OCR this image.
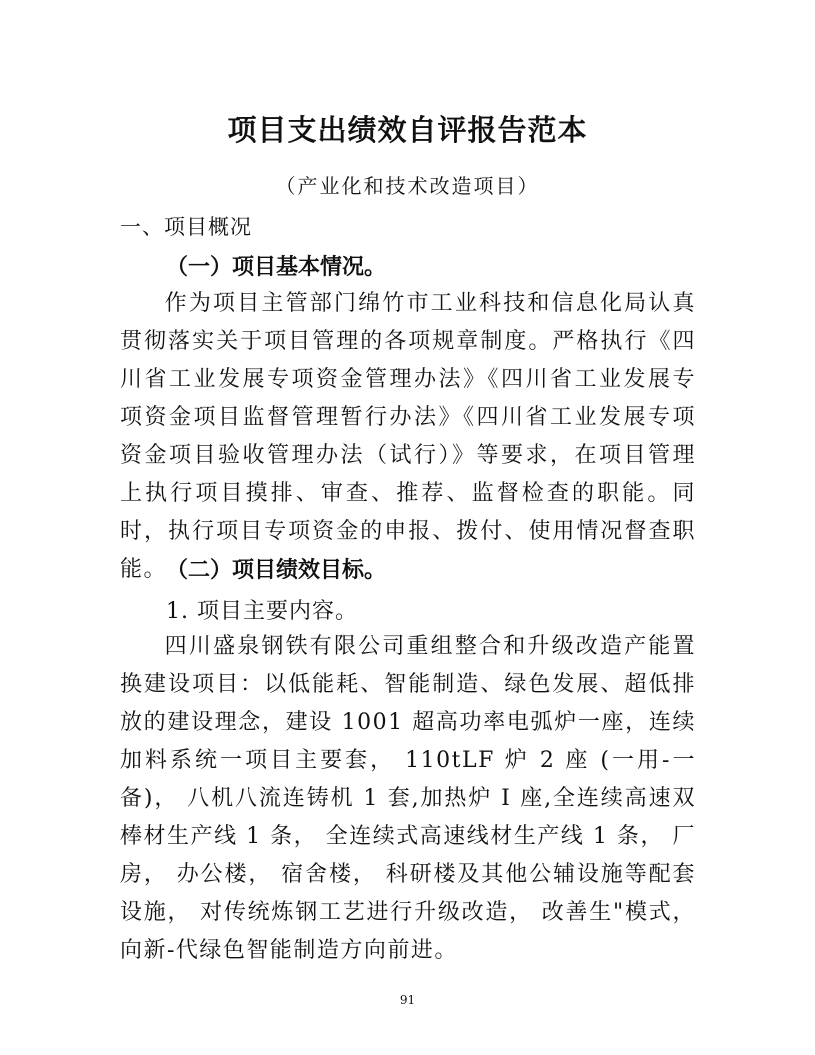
项目支出绩效自评报告范本
（产业化和技术改造项目）
一、项目概况
（一）项目基本情况。
作为项目主管部门绵竹市工业科技和信息化局认真贯彻落实关于项目管理的各项规章制度。严格执行《四川省工业发展专项资金管理办法》《四川省工业发展专项资金项目监督管理暂行办法》《四川省工业发展专项资金项目验收管理办法（试行）》等要求，在项目管理上执行项目摸排、审查、推荐、监督检查的职能。同时，执行项目专项资金的申报、拨付、使用情况督查职能。
（二）项目绩效目标。
1. 项目主要内容。
四川盛泉钢铁有限公司重组整合和升级改造产能置换建设项目：以低能耗、智能制造、绿色发展、超低排放的建设理念，建设 1001 超高功率电弧炉一座，连续加料系统一项目主要套， 110tLF 炉 2 座 (一用-一备)， 八机八流连铸机 1 套,加热炉 I 座,全连续高速双棒材生产线 1 条， 全连续式高速线材生产线 1 条， 厂房， 办公楼， 宿舍楼， 科研楼及其他公辅设施等配套设施， 对传统炼钢工艺进行升级改造， 改善生"模式， 向新-代绿色智能制造方向前进。
91
